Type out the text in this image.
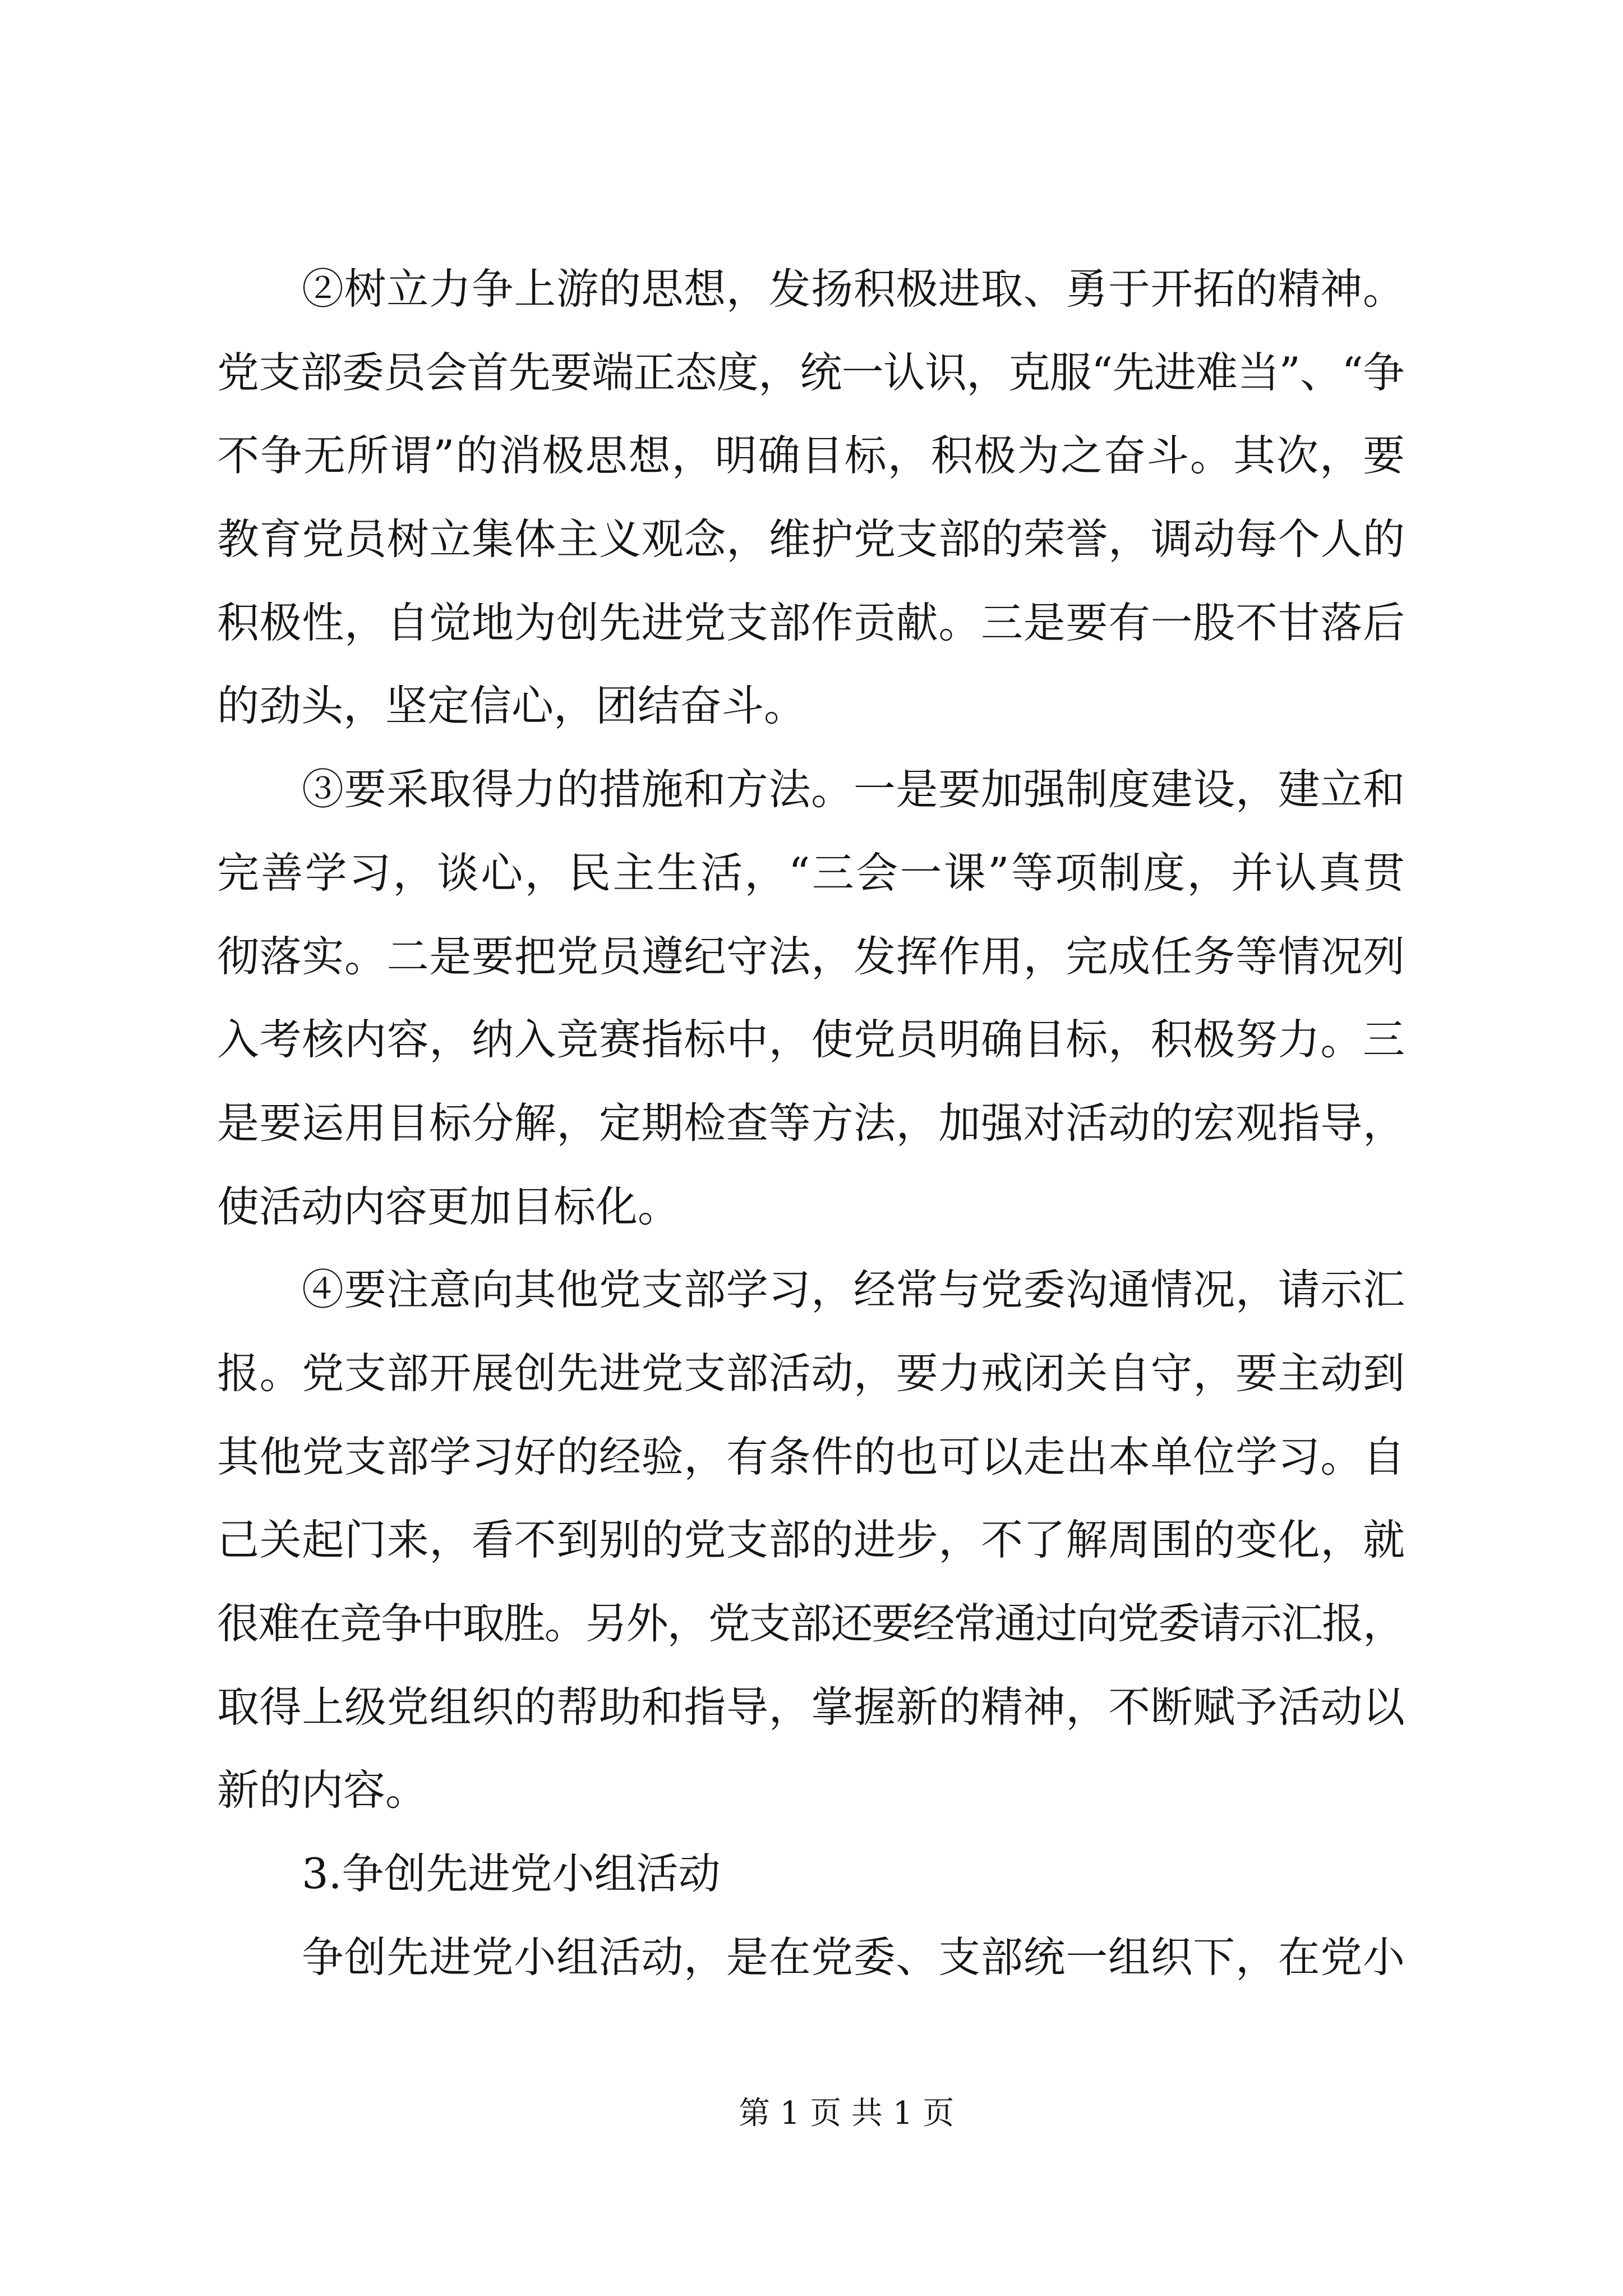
②树立力争上游的思想，发扬积极进取、勇于开拓的精神。
党支部委员会首先要端正态度，统一认识，克服“先进难当”、“争
不争无所谓”的消极思想，明确目标，积极为之奋斗。其次，要
教育党员树立集体主义观念，维护党支部的荣誉，调动每个人的
积极性，自觉地为创先进党支部作贡献。三是要有一股不甘落后
的劲头，坚定信心，团结奋斗。
③要采取得力的措施和方法。一是要加强制度建设，建立和
完善学习，谈心，民主生活，“三会一课”等项制度，并认真贯
彻落实。二是要把党员遵纪守法，发挥作用，完成任务等情况列
入考核内容，纳入竞赛指标中，使党员明确目标，积极努力。三
是要运用目标分解，定期检查等方法，加强对活动的宏观指导，
使活动内容更加目标化。
④要注意向其他党支部学习，经常与党委沟通情况，请示汇
报。党支部开展创先进党支部活动，要力戒闭关自守，要主动到
其他党支部学习好的经验，有条件的也可以走出本单位学习。自
己关起门来，看不到别的党支部的进步，不了解周围的变化，就
很难在竞争中取胜。另外，党支部还要经常通过向党委请示汇报，
取得上级党组织的帮助和指导，掌握新的精神，不断赋予活动以
新的内容。
3.争创先进党小组活动
争创先进党小组活动，是在党委、支部统一组织下，在党小
第 1 页 共 1 页
